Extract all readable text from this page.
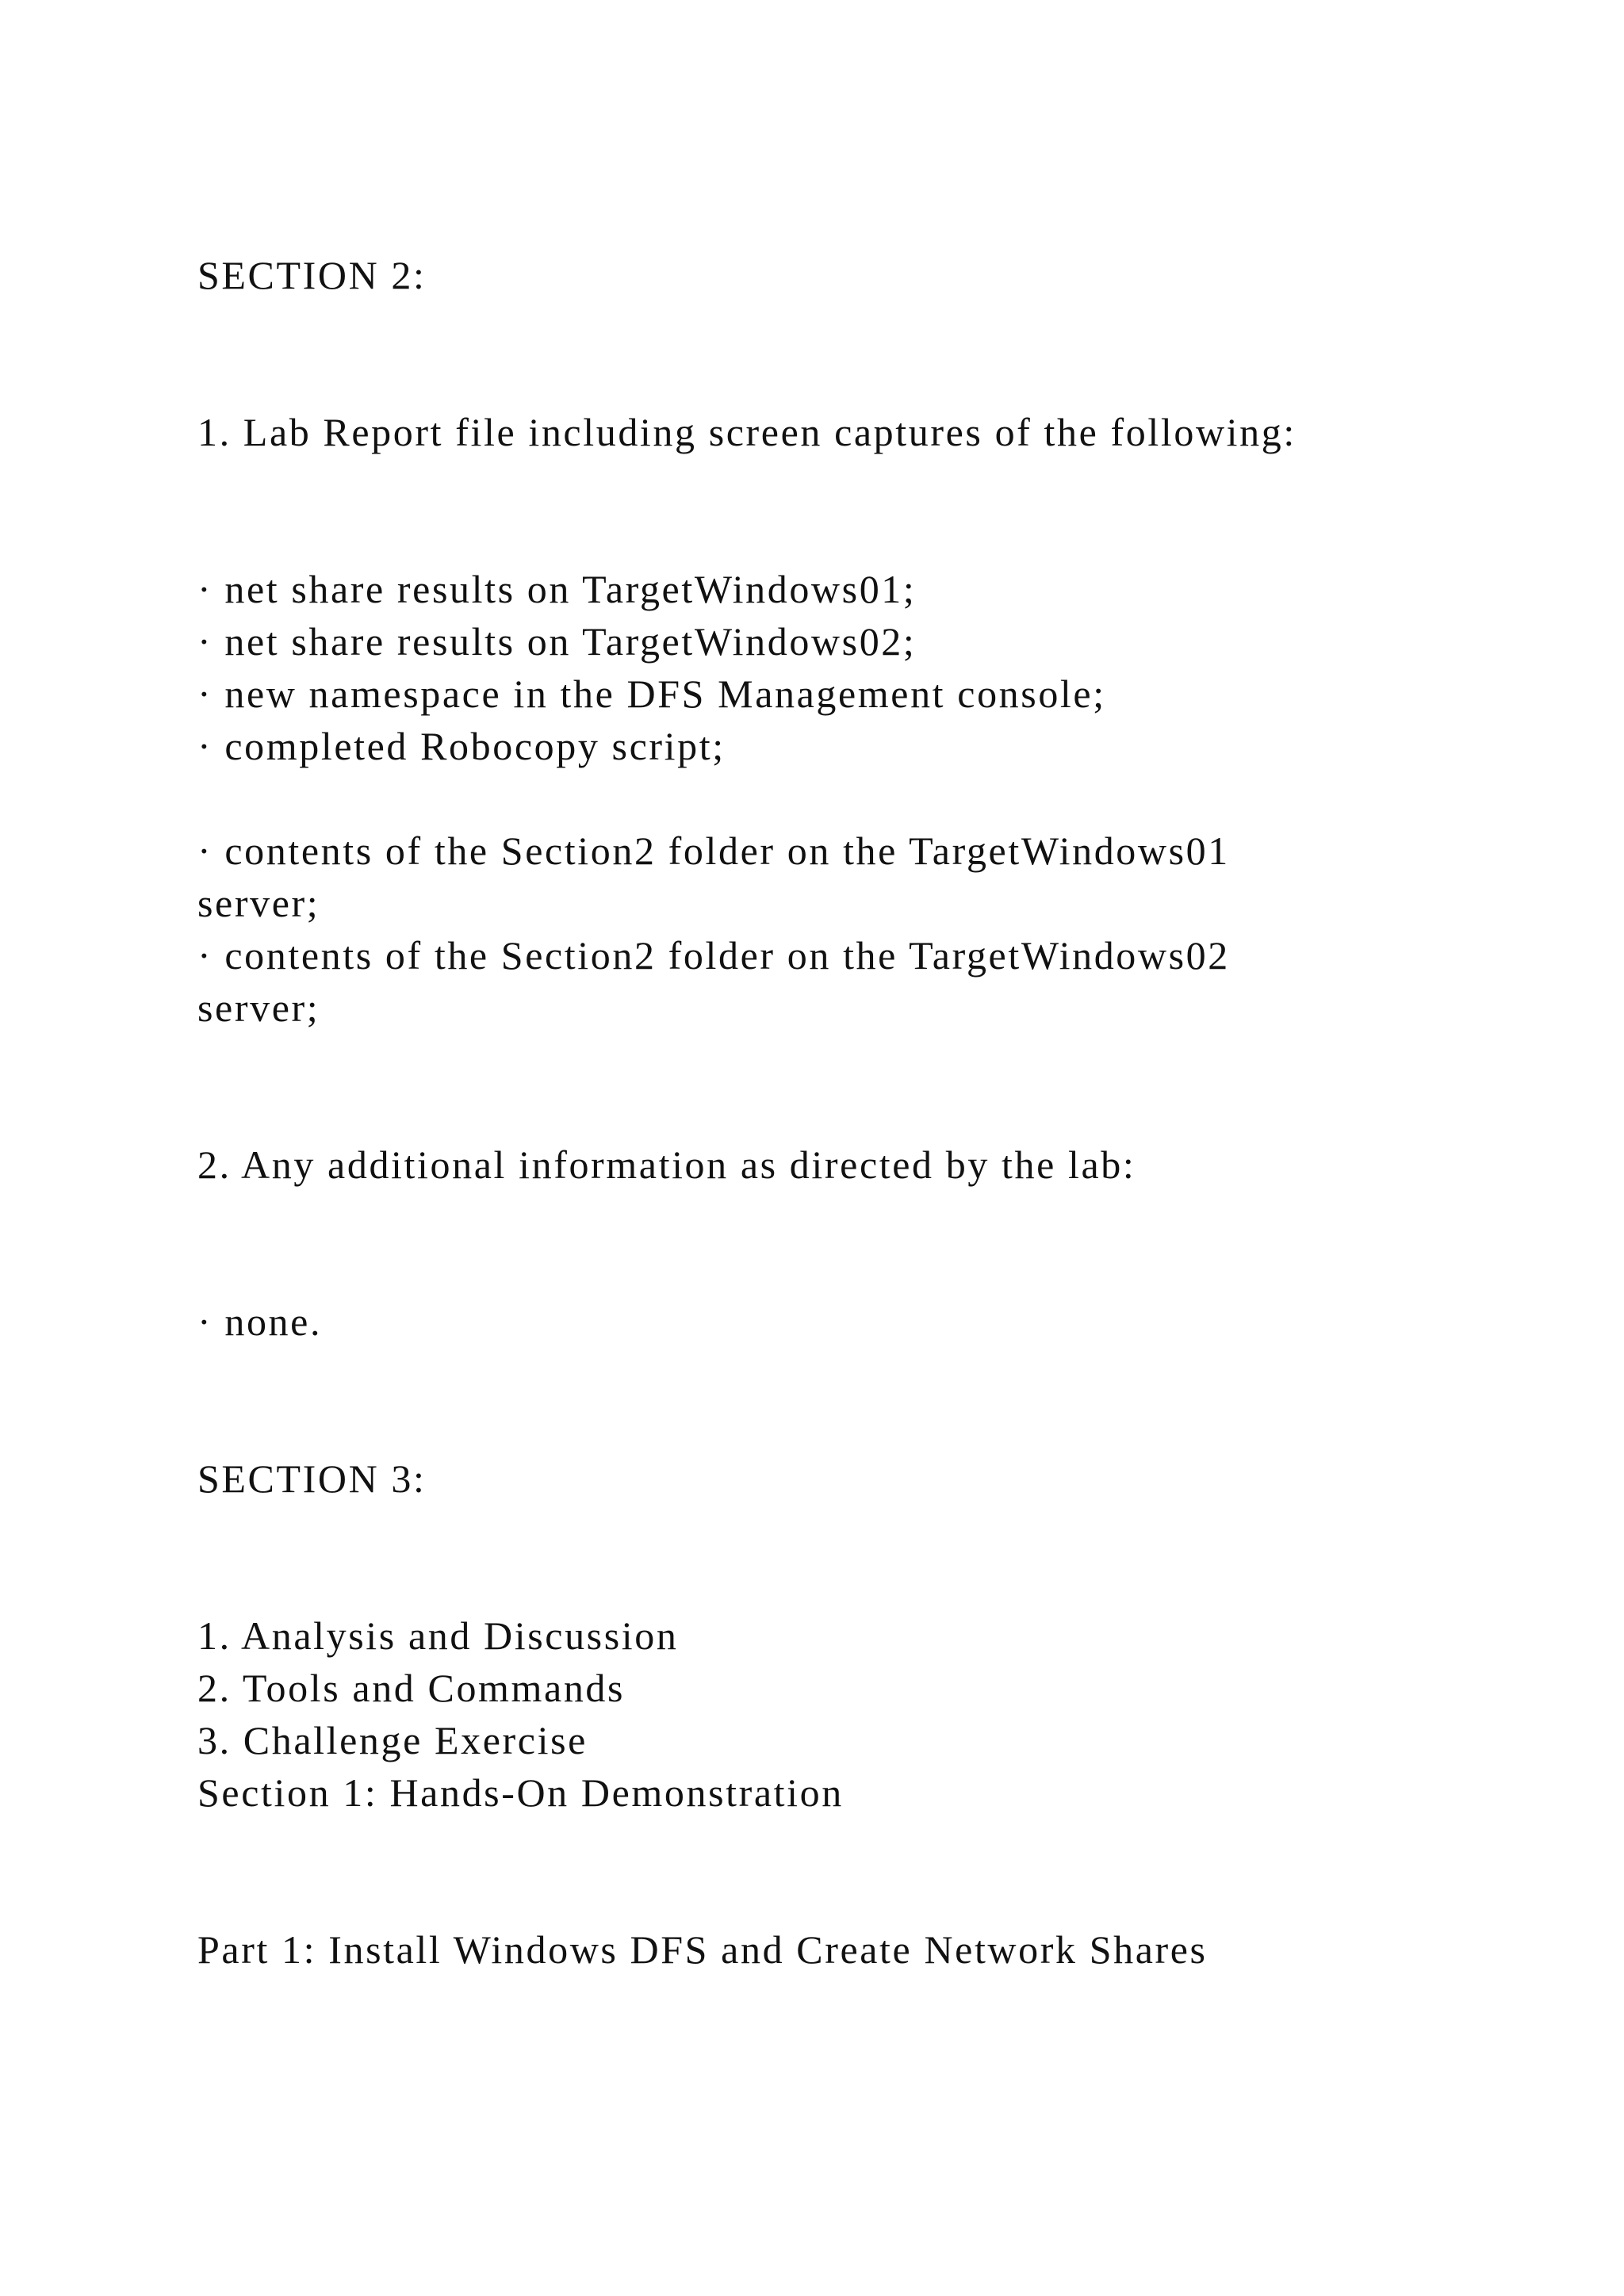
SECTION 2:

1. Lab Report file including screen captures of the following:

· net share results on TargetWindows01;

· net share results on TargetWindows02;

· new namespace in the DFS Management console;

· completed Robocopy script;

· contents of the Section2 folder on the TargetWindows01

server;

· contents of the Section2 folder on the TargetWindows02

server;

2. Any additional information as directed by the lab:

· none.

SECTION 3:

1. Analysis and Discussion

2. Tools and Commands

3. Challenge Exercise

Section 1: Hands-On Demonstration

Part 1: Install Windows DFS and Create Network Shares
